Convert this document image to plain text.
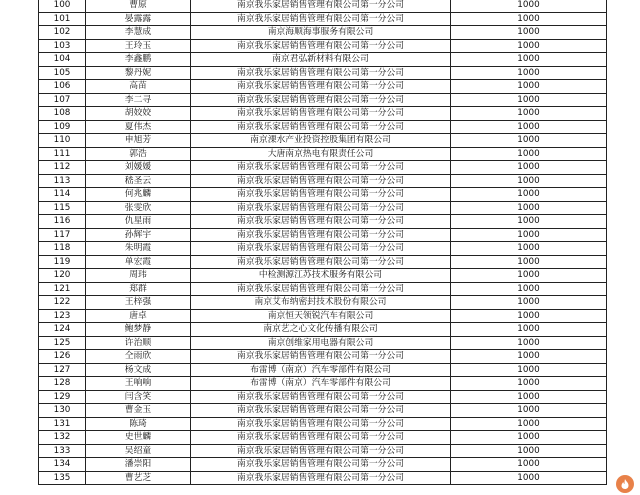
100	曹原	南京我乐家居销售管理有限公司第一分公司	1000
101	晏露露	南京我乐家居销售管理有限公司第一分公司	1000
102	李慧成	南京海顺海事服务有限公司	1000
103	王玲玉	南京我乐家居销售管理有限公司第一分公司	1000
104	李鑫鹏	南京君弘新材料有限公司	1000
105	黎丹妮	南京我乐家居销售管理有限公司第一分公司	1000
106	高苗	南京我乐家居销售管理有限公司第一分公司	1000
107	李二寻	南京我乐家居销售管理有限公司第一分公司	1000
108	胡姣姣	南京我乐家居销售管理有限公司第一分公司	1000
109	夏伟杰	南京我乐家居销售管理有限公司第一分公司	1000
110	申旭芳	南京溧水产业投资控股集团有限公司	1000
111	郭浩	大唐南京热电有限责任公司	1000
112	刘媛媛	南京我乐家居销售管理有限公司第一分公司	1000
113	嵇圣云	南京我乐家居销售管理有限公司第一分公司	1000
114	何兆麟	南京我乐家居销售管理有限公司第一分公司	1000
115	张雯欣	南京我乐家居销售管理有限公司第一分公司	1000
116	仇星雨	南京我乐家居销售管理有限公司第一分公司	1000
117	孙辉宇	南京我乐家居销售管理有限公司第一分公司	1000
118	朱明霞	南京我乐家居销售管理有限公司第一分公司	1000
119	单宏霞	南京我乐家居销售管理有限公司第一分公司	1000
120	周玮	中检测源江苏技术服务有限公司	1000
121	郑群	南京我乐家居销售管理有限公司第一分公司	1000
122	王梓强	南京艾布纳密封技术股份有限公司	1000
123	唐卓	南京恒天领锐汽车有限公司	1000
124	鲍梦静	南京艺之心文化传播有限公司	1000
125	许治顺	南京创维家用电器有限公司	1000
126	仝雨欣	南京我乐家居销售管理有限公司第一分公司	1000
127	杨文成	布雷博（南京）汽车零部件有限公司	1000
128	王响响	布雷博（南京）汽车零部件有限公司	1000
129	闫含笑	南京我乐家居销售管理有限公司第一分公司	1000
130	曹金玉	南京我乐家居销售管理有限公司第一分公司	1000
131	陈琦	南京我乐家居销售管理有限公司第一分公司	1000
132	史世麟	南京我乐家居销售管理有限公司第一分公司	1000
133	吴绍童	南京我乐家居销售管理有限公司第一分公司	1000
134	潘崇阳	南京我乐家居销售管理有限公司第一分公司	1000
135	曹艺芝	南京我乐家居销售管理有限公司第一分公司	1000
